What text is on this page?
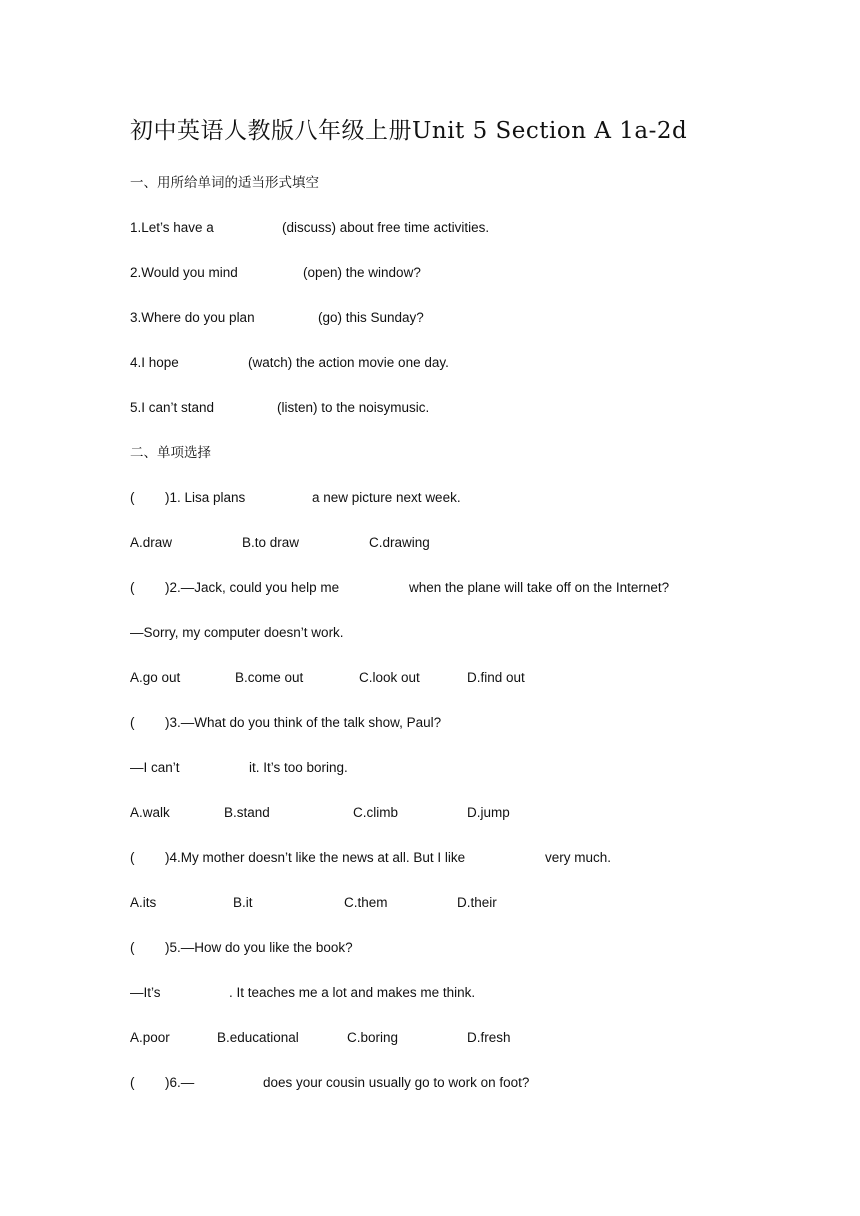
初中英语人教版八年级上册Unit 5 Section A 1a-2d
一、用所给单词的适当形式填空
1.Let’s have a	(discuss) about free time activities.
2.Would you mind	(open) the window?
3.Where do you plan	(go) this Sunday?
4.I hope	(watch) the action movie one day.
5.I can’t stand	(listen) to the noisymusic.
二、单项选择
( )1. Lisa plans	a new picture next week.
A.draw	B.to draw	C.drawing
( )2.—Jack, could you help me	when the plane will take off on the Internet?
—Sorry, my computer doesn’t work.
A.go out	B.come out	C.look out	D.find out
( )3.—What do you think of the talk show, Paul?
—I can’t	it. It’s too boring.
A.walk	B.stand	C.climb	D.jump
( )4.My mother doesn’t like the news at all. But I like	very much.
A.its	B.it	C.them	D.their
( )5.—How do you like the book?
—It’s	. It teaches me a lot and makes me think.
A.poor	B.educational	C.boring	D.fresh
( )6.—	does your cousin usually go to work on foot?
